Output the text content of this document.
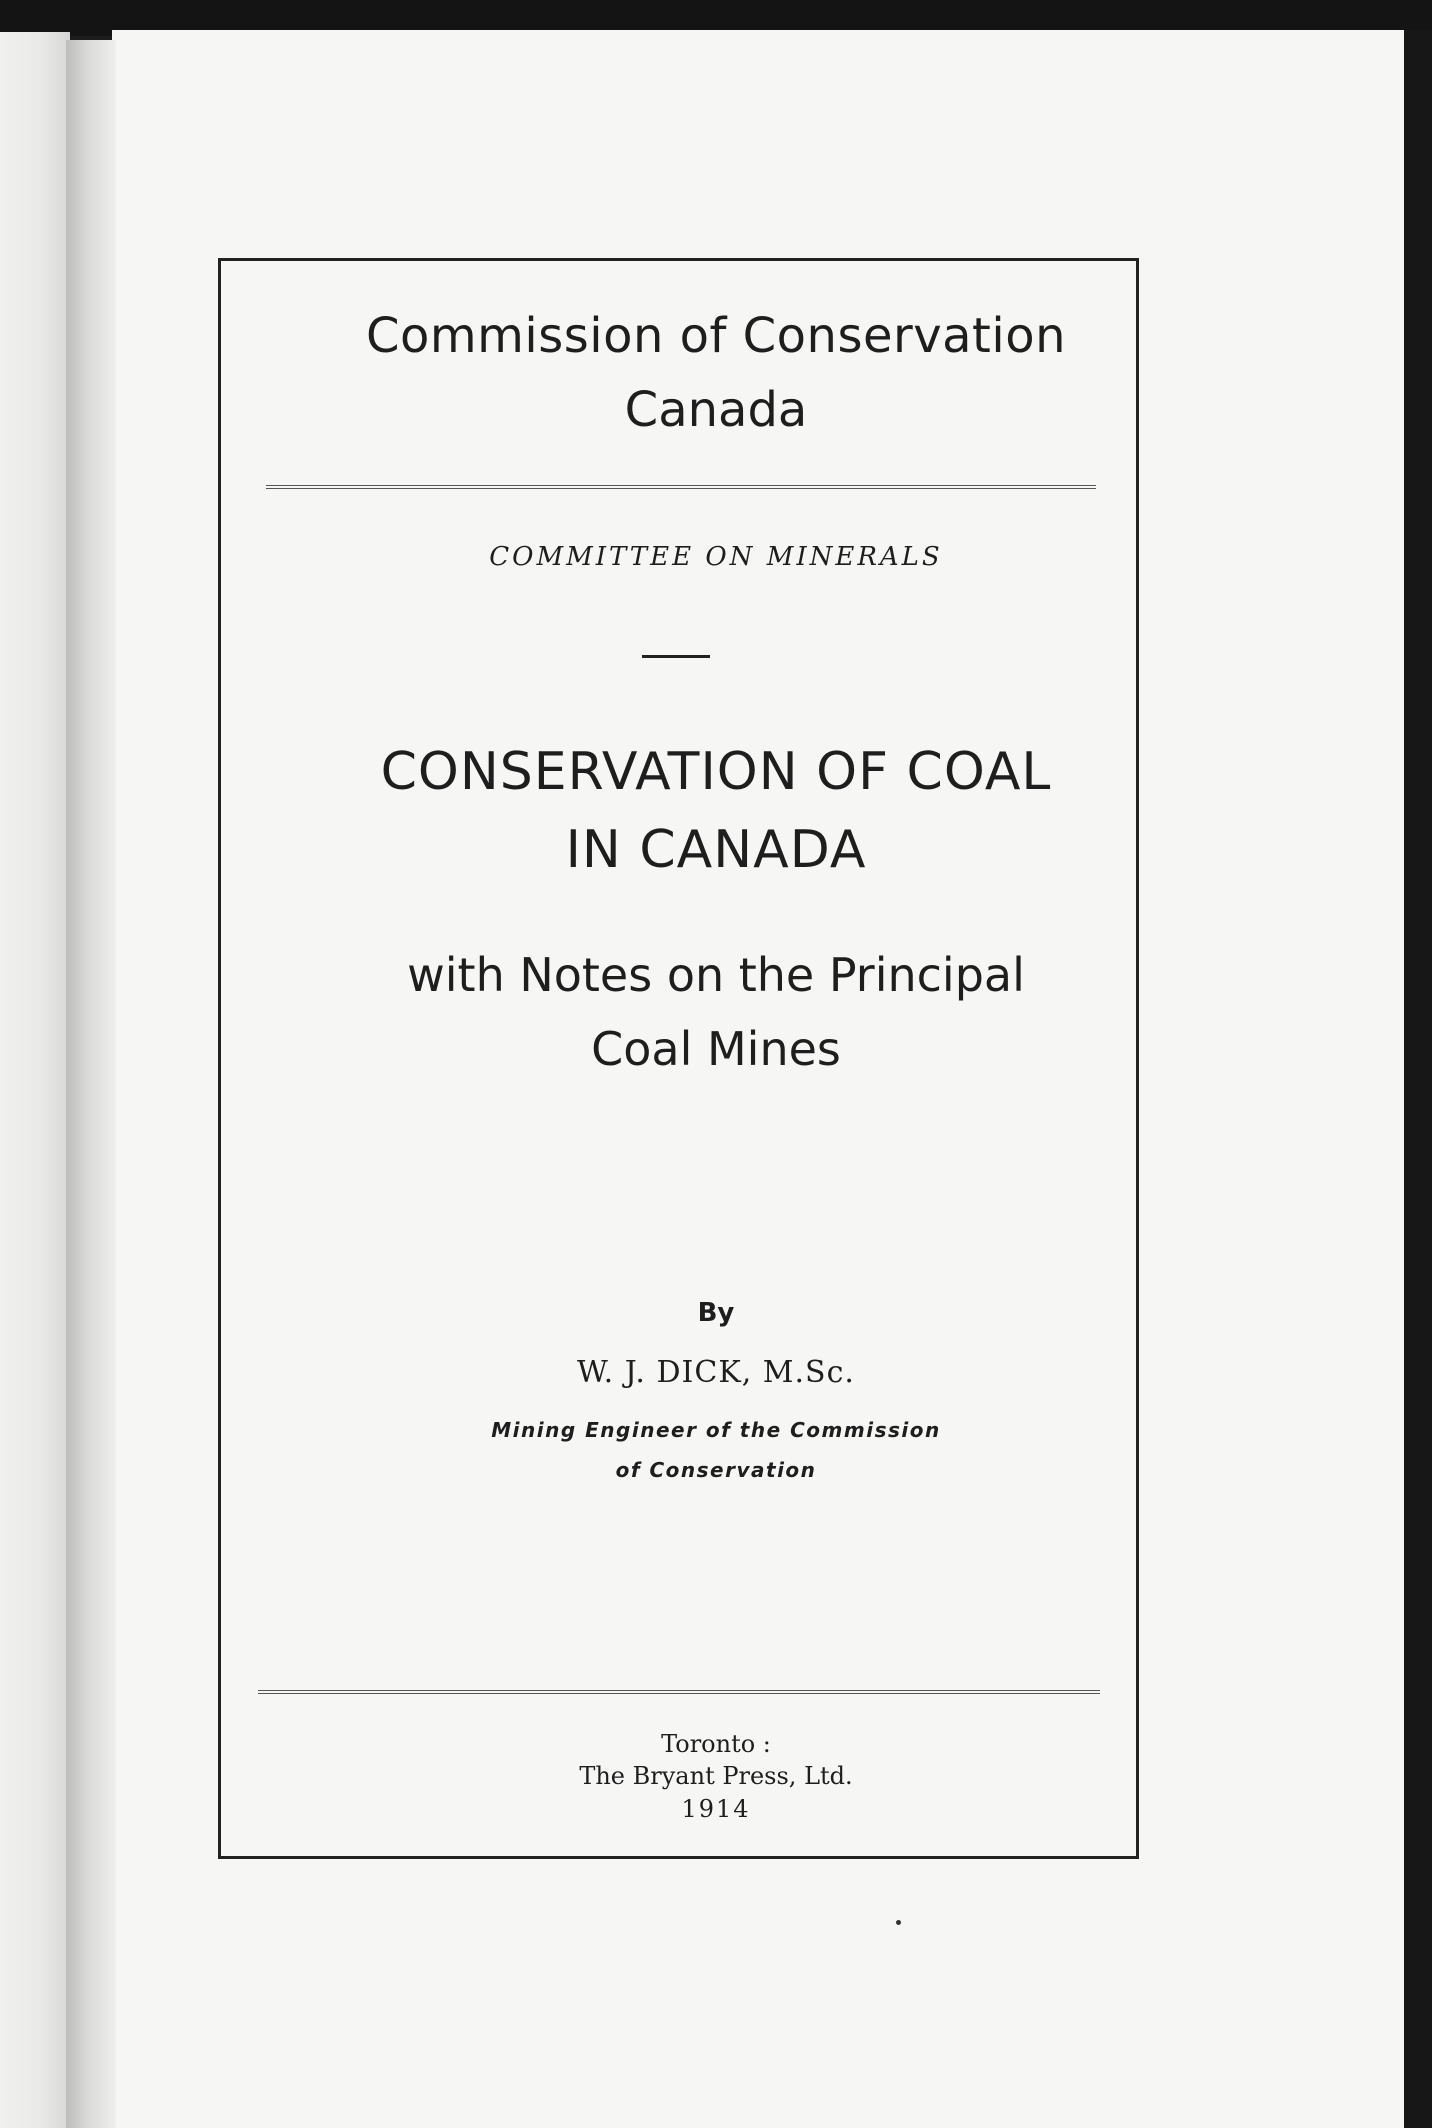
Commission of Conservation
Canada
COMMITTEE ON MINERALS
CONSERVATION OF COAL
IN CANADA
with Notes on the Principal
Coal Mines
By
W. J. DICK, M.Sc.
Mining Engineer of the Commission
of Conservation
Toronto :
The Bryant Press, Ltd.
1914
